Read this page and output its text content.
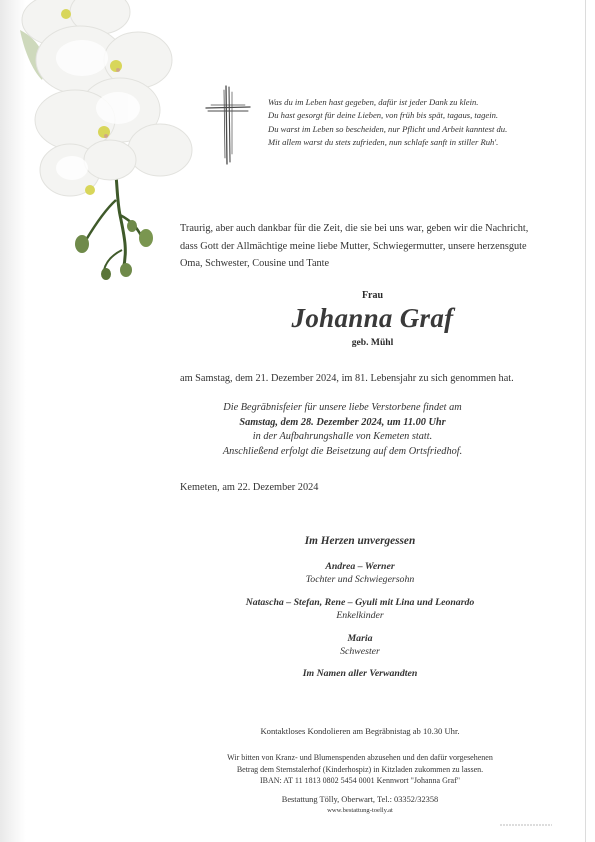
Was du im Leben hast gegeben, dafür ist jeder Dank zu klein.
Du hast gesorgt für deine Lieben, von früh bis spät, tagaus, tagein.
Du warst im Leben so bescheiden, nur Pflicht und Arbeit kanntest du.
Mit allem warst du stets zufrieden, nun schlafe sanft in stiller Ruh'.
Traurig, aber auch dankbar für die Zeit, die sie bei uns war, geben wir die Nachricht,
dass Gott der Allmächtige meine liebe Mutter, Schwiegermutter, unsere herzensgute
Oma, Schwester, Cousine und Tante
Frau
Johanna Graf
geb. Mühl
am Samstag, dem 21. Dezember 2024, im 81. Lebensjahr zu sich genommen hat.
Die Begräbnisfeier für unsere liebe Verstorbene findet am
Samstag, dem 28. Dezember 2024, um 11.00 Uhr
in der Aufbahrungshalle von Kemeten statt.
Anschließend erfolgt die Beisetzung auf dem Ortsfriedhof.
Kemeten, am 22. Dezember 2024
Im Herzen unvergessen
Andrea – Werner
Tochter und Schwiegersohn
Natascha – Stefan, Rene – Gyuli mit Lina und Leonardo
Enkelkinder
Maria
Schwester
Im Namen aller Verwandten
Kontaktloses Kondolieren am Begräbnistag ab 10.30 Uhr.
Wir bitten von Kranz- und Blumenspenden abzusehen und den dafür vorgesehenen
Betrag dem Sternstalerhof (Kinderhospiz) in Kitzladen zukommen zu lassen.
IBAN: AT 11 1813 0802 5454 0001 Kennwort "Johanna Graf"
Bestattung Tölly, Oberwart, Tel.: 03352/32358
www.bestattung-toelly.at
